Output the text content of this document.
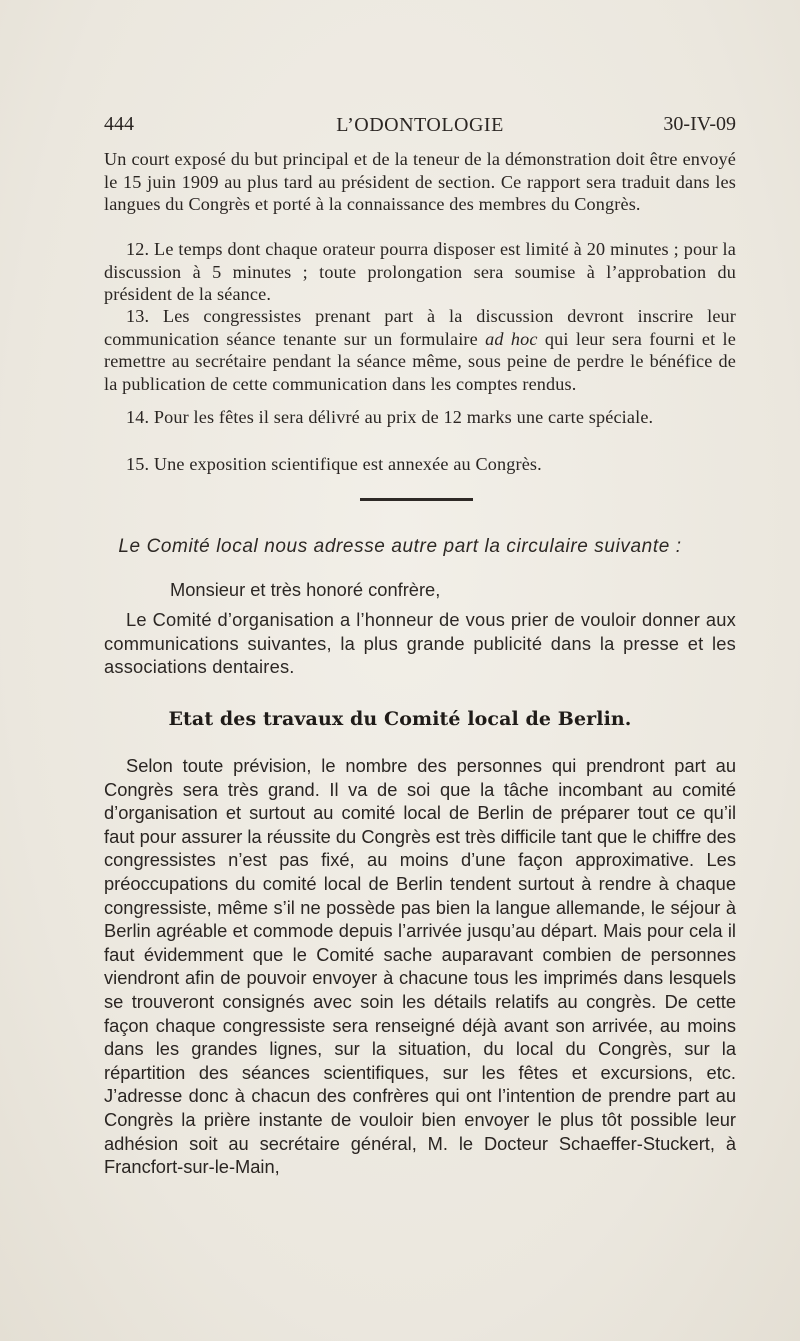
444	L’ODONTOLOGIE	30-IV-09

Un court exposé du but principal et de la teneur de la démonstration doit être envoyé le 15 juin 1909 au plus tard au président de section. Ce rapport sera traduit dans les langues du Congrès et porté à la connaissance des membres du Congrès.

12. Le temps dont chaque orateur pourra disposer est limité à 20 minutes ; pour la discussion à 5 minutes ; toute prolongation sera soumise à l’approbation du président de la séance.

13. Les congressistes prenant part à la discussion devront inscrire leur communication séance tenante sur un formulaire ad hoc qui leur sera fourni et le remettre au secrétaire pendant la séance même, sous peine de perdre le bénéfice de la publication de cette communication dans les comptes rendus.

14. Pour les fêtes il sera délivré au prix de 12 marks une carte spéciale.

15. Une exposition scientifique est annexée au Congrès.

Le Comité local nous adresse autre part la circulaire suivante :

Monsieur et très honoré confrère,

Le Comité d’organisation a l’honneur de vous prier de vouloir donner aux communications suivantes, la plus grande publicité dans la presse et les associations dentaires.

Etat des travaux du Comité local de Berlin.

Selon toute prévision, le nombre des personnes qui prendront part au Congrès sera très grand. Il va de soi que la tâche incombant au comité d’organisation et surtout au comité local de Berlin de préparer tout ce qu’il faut pour assurer la réussite du Congrès est très difficile tant que le chiffre des congressistes n’est pas fixé, au moins d’une façon approximative. Les préoccupations du comité local de Berlin tendent surtout à rendre à chaque congressiste, même s’il ne possède pas bien la langue allemande, le séjour à Berlin agréable et commode depuis l’arrivée jusqu’au départ. Mais pour cela il faut évidemment que le Comité sache auparavant combien de personnes viendront afin de pouvoir envoyer à chacune tous les imprimés dans lesquels se trouveront consignés avec soin les détails relatifs au congrès. De cette façon chaque congressiste sera renseigné déjà avant son arrivée, au moins dans les grandes lignes, sur la situation, du local du Congrès, sur la répartition des séances scientifiques, sur les fêtes et excursions, etc. J’adresse donc à chacun des confrères qui ont l’intention de prendre part au Congrès la prière instante de vouloir bien envoyer le plus tôt possible leur adhésion soit au secrétaire général, M. le Docteur Schaeffer-Stuckert, à Francfort-sur-le-Main,
